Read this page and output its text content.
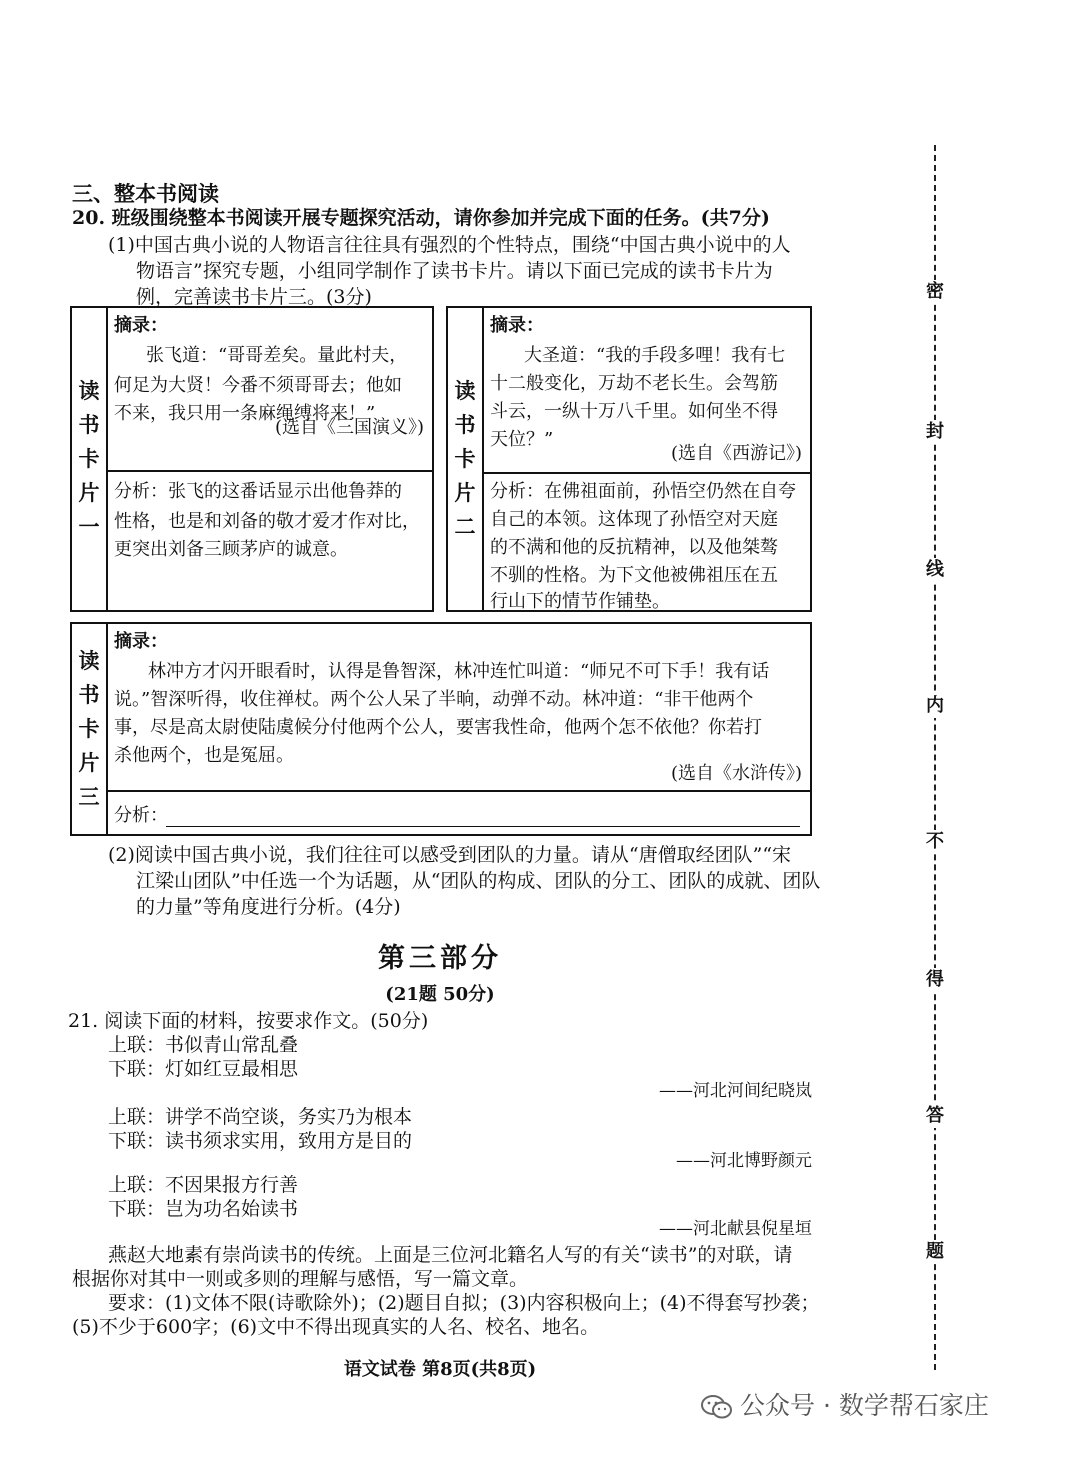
三、整本书阅读
20. 班级围绕整本书阅读开展专题探究活动，请你参加并完成下面的任务。(共7分)
(1)中国古典小说的人物语言往往具有强烈的个性特点，围绕“中国古典小说中的人
物语言”探究专题，小组同学制作了读书卡片。请以下面已完成的读书卡片为
例，完善读书卡片三。(3分)
读
书
卡
片
一
摘录：
张飞道：“哥哥差矣。量此村夫，
何足为大贤！今番不须哥哥去；他如
不来，我只用一条麻绳缚将来！”
(选自《三国演义》)
分析：张飞的这番话显示出他鲁莽的
性格，也是和刘备的敬才爱才作对比，
更突出刘备三顾茅庐的诚意。
读
书
卡
片
二
摘录：
大圣道：“我的手段多哩！我有七
十二般变化，万劫不老长生。会驾筋
斗云，一纵十万八千里。如何坐不得
天位？”
(选自《西游记》)
分析：在佛祖面前，孙悟空仍然在自夸
自己的本领。这体现了孙悟空对天庭
的不满和他的反抗精神，以及他桀骜
不驯的性格。为下文他被佛祖压在五
行山下的情节作铺垫。
读
书
卡
片
三
摘录：
林冲方才闪开眼看时，认得是鲁智深，林冲连忙叫道：“师兄不可下手！我有话
说。”智深听得，收住禅杖。两个公人呆了半晌，动弹不动。林冲道：“非干他两个
事，尽是高太尉使陆虞候分付他两个公人，要害我性命，他两个怎不依他？你若打
杀他两个，也是冤屈。
(选自《水浒传》)
分析：
(2)阅读中国古典小说，我们往往可以感受到团队的力量。请从“唐僧取经团队”“宋
江梁山团队”中任选一个为话题，从“团队的构成、团队的分工、团队的成就、团队
的力量”等角度进行分析。(4分)
第三部分
(21题 50分)
21. 阅读下面的材料，按要求作文。(50分)
上联：书似青山常乱叠
下联：灯如红豆最相思
——河北河间纪晓岚
上联：讲学不尚空谈，务实乃为根本
下联：读书须求实用，致用方是目的
——河北博野颜元
上联：不因果报方行善
下联：岂为功名始读书
——河北献县倪星垣
燕赵大地素有崇尚读书的传统。上面是三位河北籍名人写的有关“读书”的对联，请
根据你对其中一则或多则的理解与感悟，写一篇文章。
要求：(1)文体不限(诗歌除外)；(2)题目自拟；(3)内容积极向上；(4)不得套写抄袭；
(5)不少于600字；(6)文中不得出现真实的人名、校名、地名。
密
封
线
内
不
得
答
题
语文试卷 第8页(共8页)
公众号 · 数学帮石家庄
